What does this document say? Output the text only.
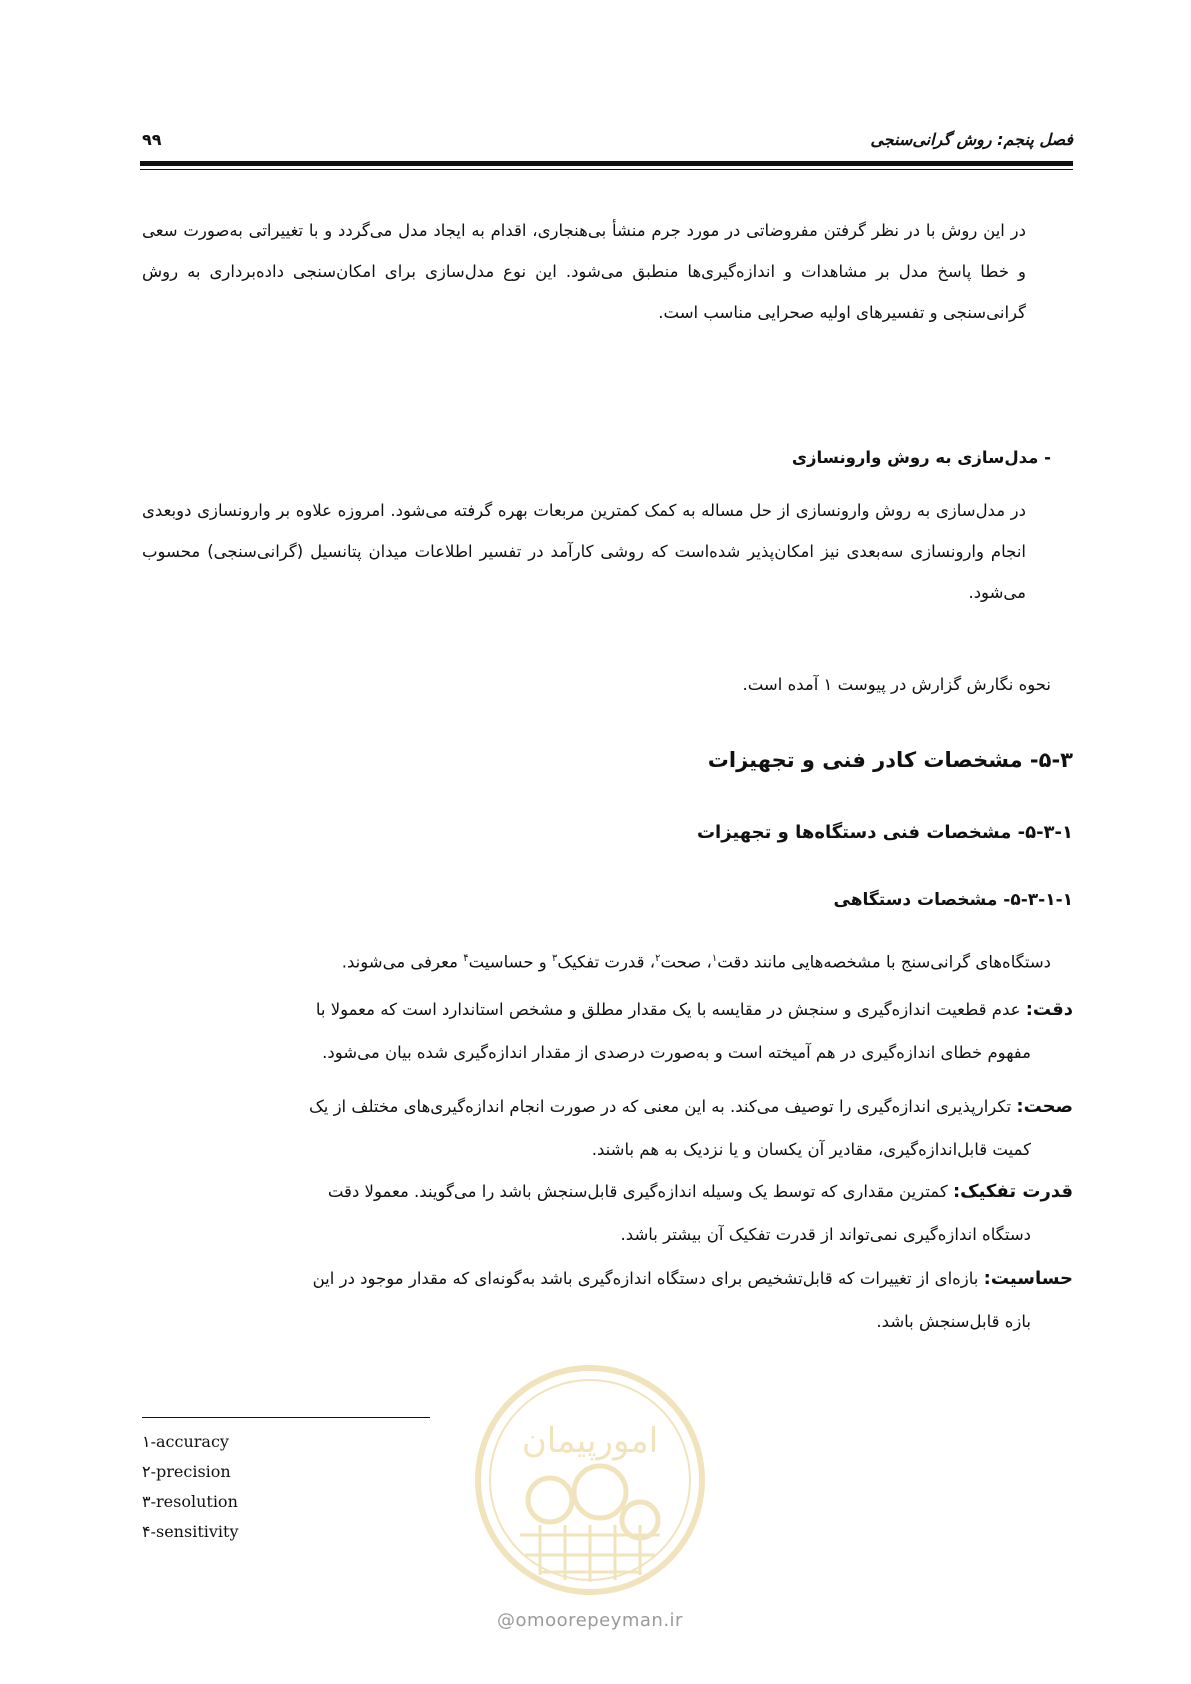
فصل پنجم: روش گرانی‌سنجی
۹۹
در این روش با در نظر گرفتن مفروضاتی در مورد جرم منشأ بی‌هنجاری، اقدام به ایجاد مدل می‌گردد و با تغییراتی به‌صورت سعی و خطا پاسخ مدل بر مشاهدات و اندازه‌گیری‌ها منطبق می‌شود. این نوع مدل‌سازی برای امکان‌سنجی داده‌برداری به روش گرانی‌سنجی و تفسیرهای اولیه صحرایی مناسب است.
- مدل‌سازی به روش وارونسازی
در مدل‌سازی به روش وارونسازی از حل مساله به کمک کمترین مربعات بهره گرفته می‌شود. امروزه علاوه بر وارونسازی دوبعدی انجام وارونسازی سه‌بعدی نیز امکان‌پذیر شده‌است که روشی کارآمد در تفسیر اطلاعات میدان پتانسیل (گرانی‌سنجی) محسوب می‌شود.
نحوه نگارش گزارش در پیوست ۱ آمده است.
۵-۳- مشخصات کادر فنی و تجهیزات
۵-۳-۱- مشخصات فنی دستگاه‌ها و تجهیزات
۵-۳-۱-۱- مشخصات دستگاهی
دستگاه‌های گرانی‌سنج با مشخصه‌هایی مانند دقت$^۱$، صحت$^۲$، قدرت تفکیک$^۳$ و حساسیت$^۴$ معرفی می‌شوند.
دقت: عدم قطعیت اندازه‌گیری و سنجش در مقایسه با یک مقدار مطلق و مشخص استاندارد است که معمولا با
مفهوم خطای اندازه‌گیری در هم آمیخته است و به‌صورت درصدی از مقدار اندازه‌گیری شده بیان می‌شود.
صحت: تکرارپذیری اندازه‌گیری را توصیف می‌کند. به این معنی که در صورت انجام اندازه‌گیری‌های مختلف از یک
کمیت قابل‌اندازه‌گیری، مقادیر آن یکسان و یا نزدیک به هم باشند.
قدرت تفکیک: کمترین مقداری که توسط یک وسیله اندازه‌گیری قابل‌سنجش باشد را می‌گویند. معمولا دقت
دستگاه اندازه‌گیری نمی‌تواند از قدرت تفکیک آن بیشتر باشد.
حساسیت: بازه‌ای از تغییرات که قابل‌تشخیص برای دستگاه اندازه‌گیری باشد به‌گونه‌ای که مقدار موجود در این
بازه قابل‌سنجش باشد.
۱-accuracy
۲-precision
۳-resolution
۴-sensitivity
امورپیمان
@omoorepeyman.ir
